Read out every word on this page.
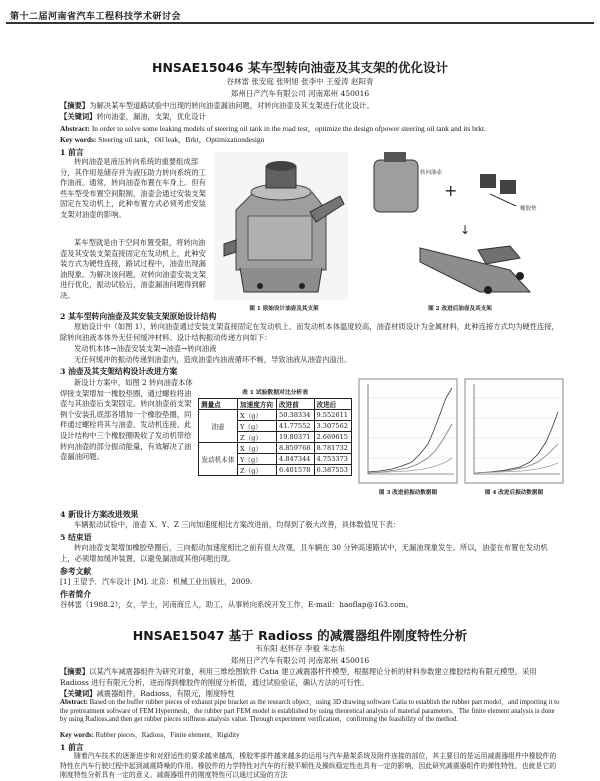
第十二届河南省汽车工程科技学术研讨会
HNSAE15046 某车型转向油壶及其支架的优化设计
谷林雷 张安庭 张明旭 张李中 王爱涛 赵阳青
郑州日产汽车有限公司 河南郑州 450016

【摘要】为解决某车型道路试验中出现的转向油壶漏油问题，对转向油壶及其支架进行优化设计。

【关键词】转向油壶，漏油，支架，优化设计

Abstract: In order to solve some leaking models of steering oil tank in the road test，optimize the design ofpower steering oil tank and its brkt.

Key words: Steering oil tank，Oil leak，Brkt，Optimizationdesign

1 前言

转向油壶是液压转向系统的重要组成部分，其作用是储存并为液压助力转向系统的工作油液。通常，转向油壶布置在车身上。但有些车型受布置空间限制，油壶会通过安装支架固定在发动机上，此种布置方式必须考虑安装支架对油壶的影响。

某车型就是由于空间布置受限，将转向油壶及其安装支架直接固定在发动机上，此种安装方式为硬性连接，路试过程中，油壶出现漏油现象。为解决该问题，对转向油壶安装支架进行优化，振动试验后，油壶漏油问题得到解决。

图 1 原始设计油壶及其支架
+
橡胶垫
转向油壶
↓
图 2 改进后油壶及其支架
2 某车型转向油壶及其安装支架原始设计结构

原始设计中（如图 1），转向油壶通过安装支架直接固定在发动机上。而发动机本体温度较高，油壶材质设计为金属材料，此种连接方式均为硬性连接，除转向油液本体外无任何缓冲材料。设计结构振动传递方向如下：

发动机本体→油壶安装支架→油壶→转向油液

无任何缓冲的振动传递到油壶内，造成油壶内油液循环不畅，导致油液从油壶内溢出。

3 油壶及其支架结构设计改进方案

新设计方案中，如图 2 转向油壶本体焊接支架增加一橡胶垫圈，通过螺栓将油壶与其油壶后支架固定。转向油壶前支架例个安装孔底部各增加一个橡胶垫圈，同样通过螺栓将其与油壶、发动机连接。此设计结构中三个橡胶圈吸收了发动机带给转向油壶的部分振动能量，有效解决了油壶漏油问题。

表 1 试验数据对比分析表
测量点	加速度方向	改进前	改进后
油壶	X（g）	50.38334	9.552611
	Y（g）	41.77552	3.307562
	Z（g）	19.80371	2.669615
发动机本体	X（g）	8.859768	8.781732
	Y（g）	4.847344	4.753373
	Z（g）	6.401578	6.387553
图 3 改进前振动数据图	图 4 改进后振动数据图
4 新设计方案改进效果

车辆振动试验中，油壶 X、Y、Z 三向加速度相比方案改进前，均得到了极大改善，具体数值见下表：

5 结束语

转向油壶支架增加橡胶垫圈后，三向振动加速度相比之前有很大改观，且车辆在 30 分钟高速路试中，无漏油现象发生。所以，油壶在布置在发动机上，必须增加缓冲装置，以避免漏油或其他问题出现。

参考文献

[1] 王望予．汽车设计 [M]. 北京：机械工业出版社，2009.

作者简介

谷林雷（1988.2），女，学士，河南商丘人，助工，从事转向系统开发工作，E-mail：haoflap@163.com。

HNSAE15047 基于 Radioss 的减震器组件刚度特性分析
韦东阳 赵怀存 李毅 朱志东
郑州日产汽车有限公司 河南郑州 450016

【摘要】以某汽车减震器组件为研究对象，利用三维绘图软件 Catia 建立减震器杆件模型，根据理论分析的材料参数建立橡胶结构有限元模型，采用 Radioss 进行有限元分析，进而得到橡胶件的刚度分析值，通过试验验证，确认方法的可行性。

【关键词】减震器组件，Radioss，有限元，刚度特性

Abstract: Based on the buffer rubber pieces of exhaust pipe bracket as the research object，using 3D drawing software Catia to establish the rubber part model，and importing it to the pretreatment software of FEM Hypermesh，the rubber part FEM model is established by using theoretical analysis of material parameters．The finite element analysis is done by using Radioss,and then get rubber pieces stiffness analysis value. Through experiment verification，confirming the feasibility of the method.

Key words: Rubber pieces，Radioss，Finite element，Rigidity

1 前言

随着汽车技术的逐渐进步和对舒适性的要求越来越高，橡胶零部件越来越多的运用与汽车悬架系统及附件连接的部位，其主要目的是运用减震器组件中橡胶件的特性在汽车行驶过程中起到减震降噪的作用。橡胶件的力学特性对汽车的行驶平顺性及操纵稳定性也具有一定的影响，因此研究减震器组件的弹性特性，也就是它的刚度特性分析具有一定的意义。减震器组件的刚度特性可以通过试验的方法
